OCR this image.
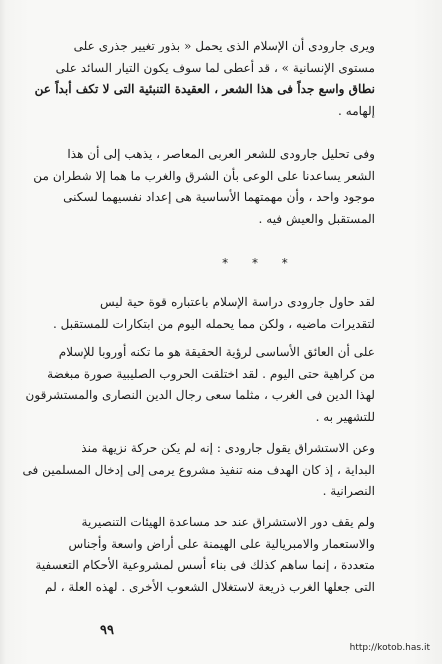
ويرى جارودى أن الإسلام الذى يحمل « بذور تغيير جذرى على
مستوى الإنسانية » ، قد أعطى لما سوف يكون التيار السائد على
نطاق واسع جداً فى هذا الشعر ، العقيدة التنبئية التى لا تكف أبداً عن
إلهامه .
وفى تحليل جارودى للشعر العربى المعاصر ، يذهب إلى أن هذا
الشعر يساعدنا على الوعى بأن الشرق والغرب ما هما إلا شطران من
موجود واحد ، وأن مهمتهما الأساسية هى إعداد نفسيهما لسكنى
المستقبل والعيش فيه .
لقد حاول جارودى دراسة الإسلام باعتباره قوة حية ليس
لتقديرات ماضيه ، ولكن مما يحمله اليوم من ابتكارات للمستقبل .
على أن العائق الأساسى لرؤية الحقيقة هو ما تكنه أوروبا للإسلام
من كراهية حتى اليوم . لقد اختلقت الحروب الصليبية صورة مبغضة
لهذا الدين فى الغرب ، مثلما سعى رجال الدين النصارى والمستشرقون
للتشهير به .
وعن الاستشراق يقول جارودى : إنه لم يكن حركة نزيهة منذ
البداية ، إذ كان الهدف منه تنفيذ مشروع يرمى إلى إدخال المسلمين فى
النصرانية .
ولم يقف دور الاستشراق عند حد مساعدة الهيئات التنصيرية
والاستعمار والامبريالية على الهيمنة على أراض واسعة وأجناس
متعددة ، إنما ساهم كذلك فى بناء أسس لمشروعية الأحكام التعسفية
التى جعلها الغرب ذريعة لاستغلال الشعوب الأخرى . لهذه العلة ، لم
* * *
٩٩
http://kotob.has.it
